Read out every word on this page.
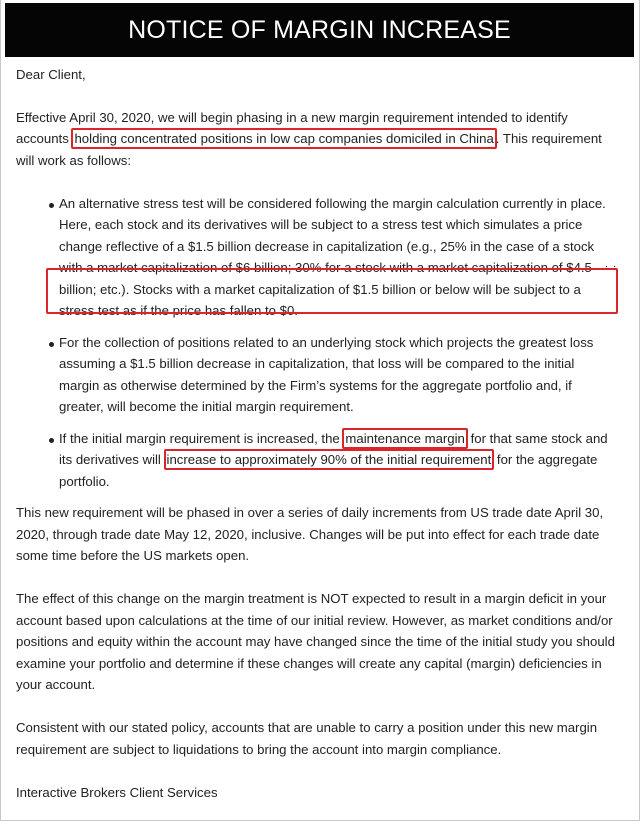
NOTICE OF MARGIN INCREASE

Dear Client,

Effective April 30, 2020, we will begin phasing in a new margin requirement intended to identify accounts holding concentrated positions in low cap companies domiciled in China . This requirement will work as follows:

An alternative stress test will be considered following the margin calculation currently in place. Here, each stock and its derivatives will be subject to a stress test which simulates a price change reflective of a $1.5 billion decrease in capitalization (e.g., 25% in the case of a stock with a market capitalization of $6 billion; 30% for a stock with a market capitalization of $4.5 billion; etc.). Stocks with a market capitalization of $1.5 billion or below will be subject to a stress test as if the price has fallen to $0.
For the collection of positions related to an underlying stock which projects the greatest loss assuming a $1.5 billion decrease in capitalization, that loss will be compared to the initial margin as otherwise determined by the Firm’s systems for the aggregate portfolio and, if greater, will become the initial margin requirement.
If the initial margin requirement is increased, the maintenance margin for that same stock and its derivatives will increase to approximately 90% of the initial requirement for the aggregate portfolio.

This new requirement will be phased in over a series of daily increments from US trade date April 30, 2020, through trade date May 12, 2020, inclusive. Changes will be put into effect for each trade date some time before the US markets open.

The effect of this change on the margin treatment is NOT expected to result in a margin deficit in your account based upon calculations at the time of our initial review. However, as market conditions and/or positions and equity within the account may have changed since the time of the initial study you should examine your portfolio and determine if these changes will create any capital (margin) deficiencies in your account.

Consistent with our stated policy, accounts that are unable to carry a position under this new margin requirement are subject to liquidations to bring the account into margin compliance.

Interactive Brokers Client Services

. .
